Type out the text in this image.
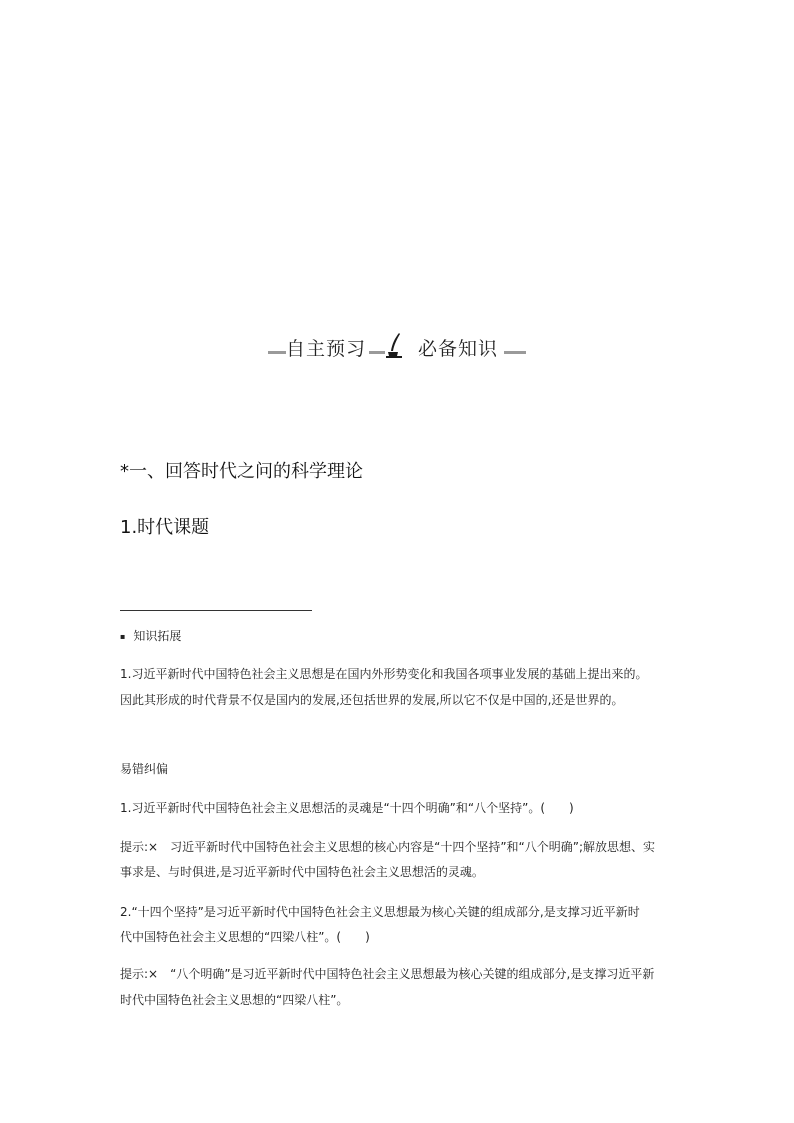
自主预习	必备知识
*一、回答时代之问的科学理论
1.时代课题
▪ 知识拓展
1.习近平新时代中国特色社会主义思想是在国内外形势变化和我国各项事业发展的基础上提出来的。
因此其形成的时代背景不仅是国内的发展,还包括世界的发展,所以它不仅是中国的,还是世界的。
易错纠偏
1.习近平新时代中国特色社会主义思想活的灵魂是“十四个明确”和“八个坚持”。(　　)
提示:×　习近平新时代中国特色社会主义思想的核心内容是“十四个坚持”和“八个明确”;解放思想、实
事求是、与时俱进,是习近平新时代中国特色社会主义思想活的灵魂。
2.“十四个坚持”是习近平新时代中国特色社会主义思想最为核心关键的组成部分,是支撑习近平新时
代中国特色社会主义思想的“四梁八柱”。(　　)
提示:×　“八个明确”是习近平新时代中国特色社会主义思想最为核心关键的组成部分,是支撑习近平新
时代中国特色社会主义思想的“四梁八柱”。
